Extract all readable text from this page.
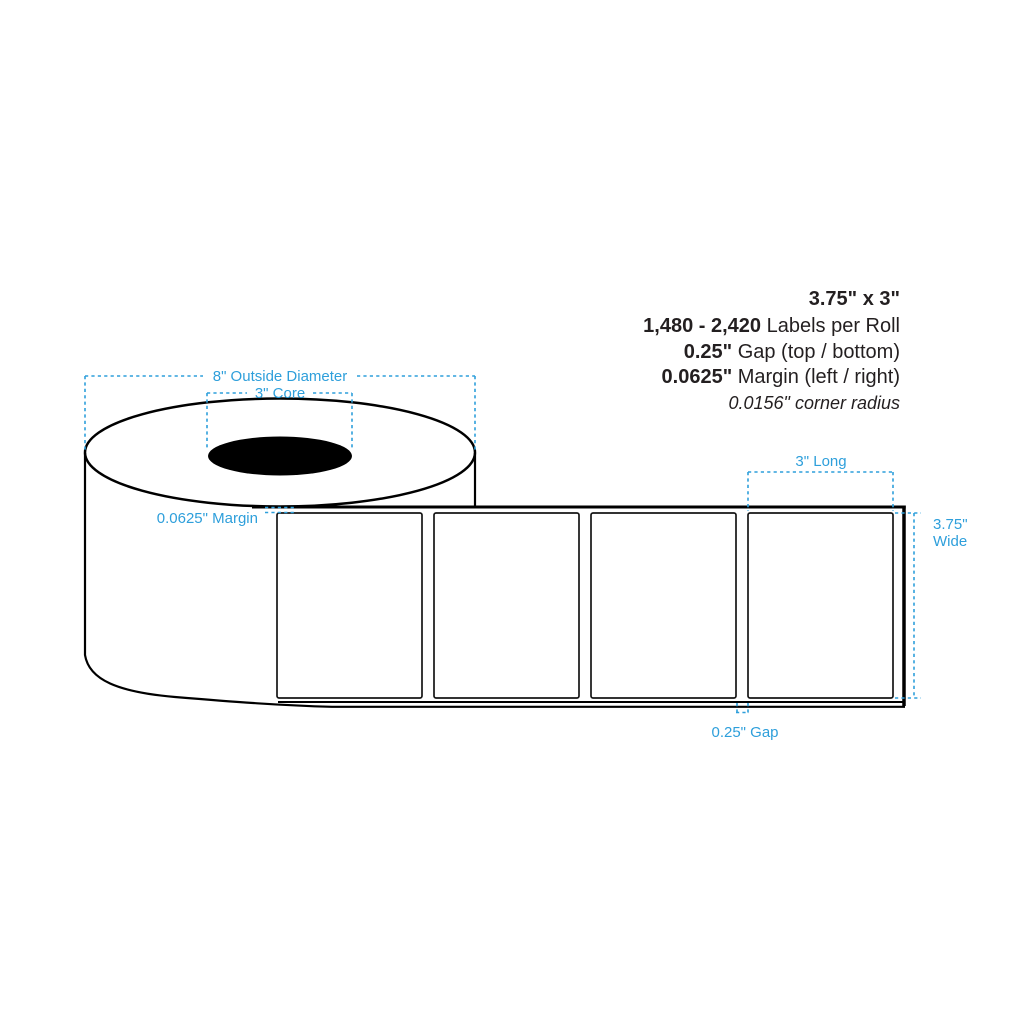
3.75" x 3"
1,480 - 2,420 Labels per Roll
0.25" Gap (top / bottom)
0.0625" Margin (left / right)
0.0156" corner radius
8" Outside Diameter
3" Core
0.0625" Margin
3" Long
3.75"
Wide
0.25" Gap
